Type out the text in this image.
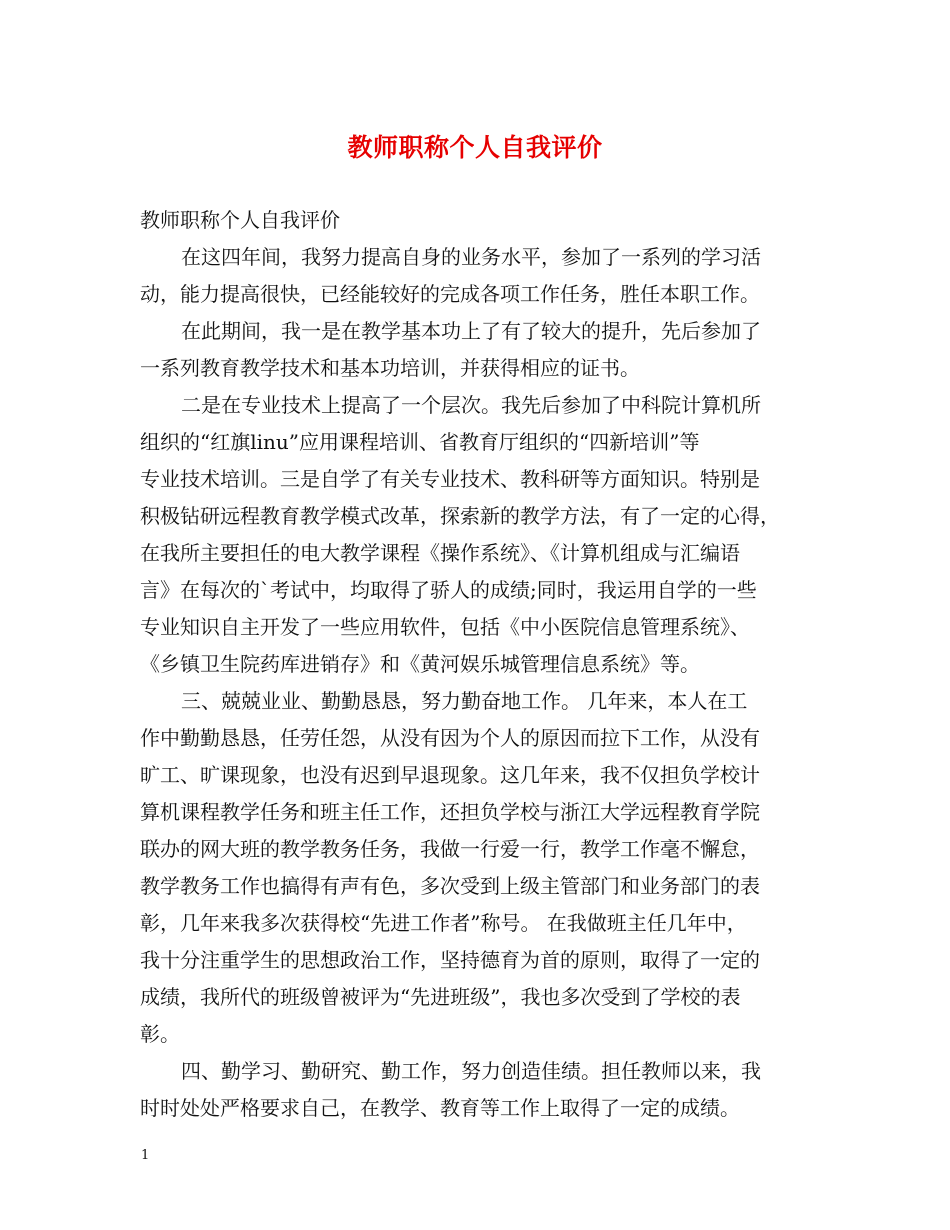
教师职称个人自我评价
教师职称个人自我评价
在这四年间，我努力提高自身的业务水平，参加了一系列的学习活
动，能力提高很快，已经能较好的完成各项工作任务，胜任本职工作。
在此期间，我一是在教学基本功上了有了较大的提升，先后参加了
一系列教育教学技术和基本功培训，并获得相应的证书。
二是在专业技术上提高了一个层次。我先后参加了中科院计算机所
组织的“红旗linu”应用课程培训、省教育厅组织的“四新培训”等
专业技术培训。三是自学了有关专业技术、教科研等方面知识。特别是
积极钻研远程教育教学模式改革，探索新的教学方法，有了一定的心得，
在我所主要担任的电大教学课程《操作系统》、《计算机组成与汇编语
言》在每次的`考试中，均取得了骄人的成绩;同时，我运用自学的一些
专业知识自主开发了一些应用软件，包括《中小医院信息管理系统》、
《乡镇卫生院药库进销存》和《黄河娱乐城管理信息系统》等。
三、兢兢业业、勤勤恳恳，努力勤奋地工作。 几年来，本人在工
作中勤勤恳恳，任劳任怨，从没有因为个人的原因而拉下工作，从没有
旷工、旷课现象，也没有迟到早退现象。这几年来，我不仅担负学校计
算机课程教学任务和班主任工作，还担负学校与浙江大学远程教育学院
联办的网大班的教学教务任务，我做一行爱一行，教学工作毫不懈怠，
教学教务工作也搞得有声有色，多次受到上级主管部门和业务部门的表
彰，几年来我多次获得校“先进工作者”称号。 在我做班主任几年中，
我十分注重学生的思想政治工作，坚持德育为首的原则，取得了一定的
成绩，我所代的班级曾被评为“先进班级”，我也多次受到了学校的表
彰。
四、勤学习、勤研究、勤工作，努力创造佳绩。担任教师以来，我
时时处处严格要求自己，在教学、教育等工作上取得了一定的成绩。
1
